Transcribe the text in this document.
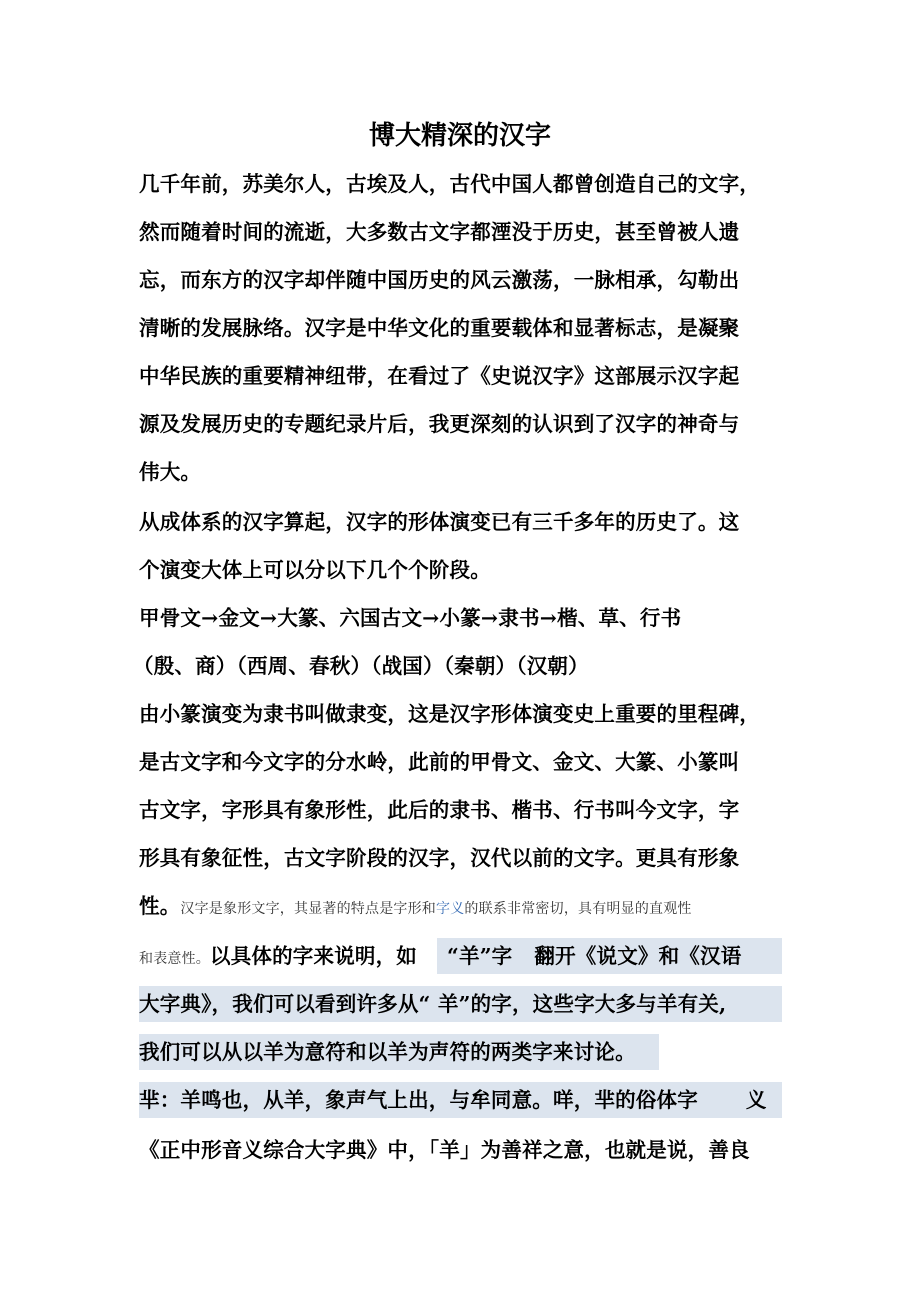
博大精深的汉字
几千年前，苏美尔人，古埃及人，古代中国人都曾创造自己的文字，
然而随着时间的流逝，大多数古文字都湮没于历史，甚至曾被人遗
忘，而东方的汉字却伴随中国历史的风云激荡，一脉相承，勾勒出
清晰的发展脉络。汉字是中华文化的重要载体和显著标志，是凝聚
中华民族的重要精神纽带，在看过了《史说汉字》这部展示汉字起
源及发展历史的专题纪录片后，我更深刻的认识到了汉字的神奇与
伟大。
从成体系的汉字算起，汉字的形体演变已有三千多年的历史了。这
个演变大体上可以分以下几个个阶段。
甲骨文→金文→大篆、六国古文→小篆→隶书→楷、草、行书
（殷、商）（西周、春秋）（战国）（秦朝）（汉朝）
由小篆演变为隶书叫做隶变，这是汉字形体演变史上重要的里程碑，
是古文字和今文字的分水岭，此前的甲骨文、金文、大篆、小篆叫
古文字，字形具有象形性，此后的隶书、楷书、行书叫今文字，字
形具有象征性，古文字阶段的汉字，汉代以前的文字。更具有形象
性。汉字是象形文字，其显著的特点是字形和字义的联系非常密切，具有明显的直观性
和表意性。以具体的字来说明，如 “羊”字 翻开《说文》和《汉语
大字典》，我们可以看到许多从“ 羊”的字，这些字大多与羊有关,
我们可以从以羊为意符和以羊为声符的两类字来讨论。
芈：羊鸣也，从羊，象声气上出，与牟同意。咩，芈的俗体字 义
《正中形音义综合大字典》中，「羊」为善祥之意，也就是说，善良
